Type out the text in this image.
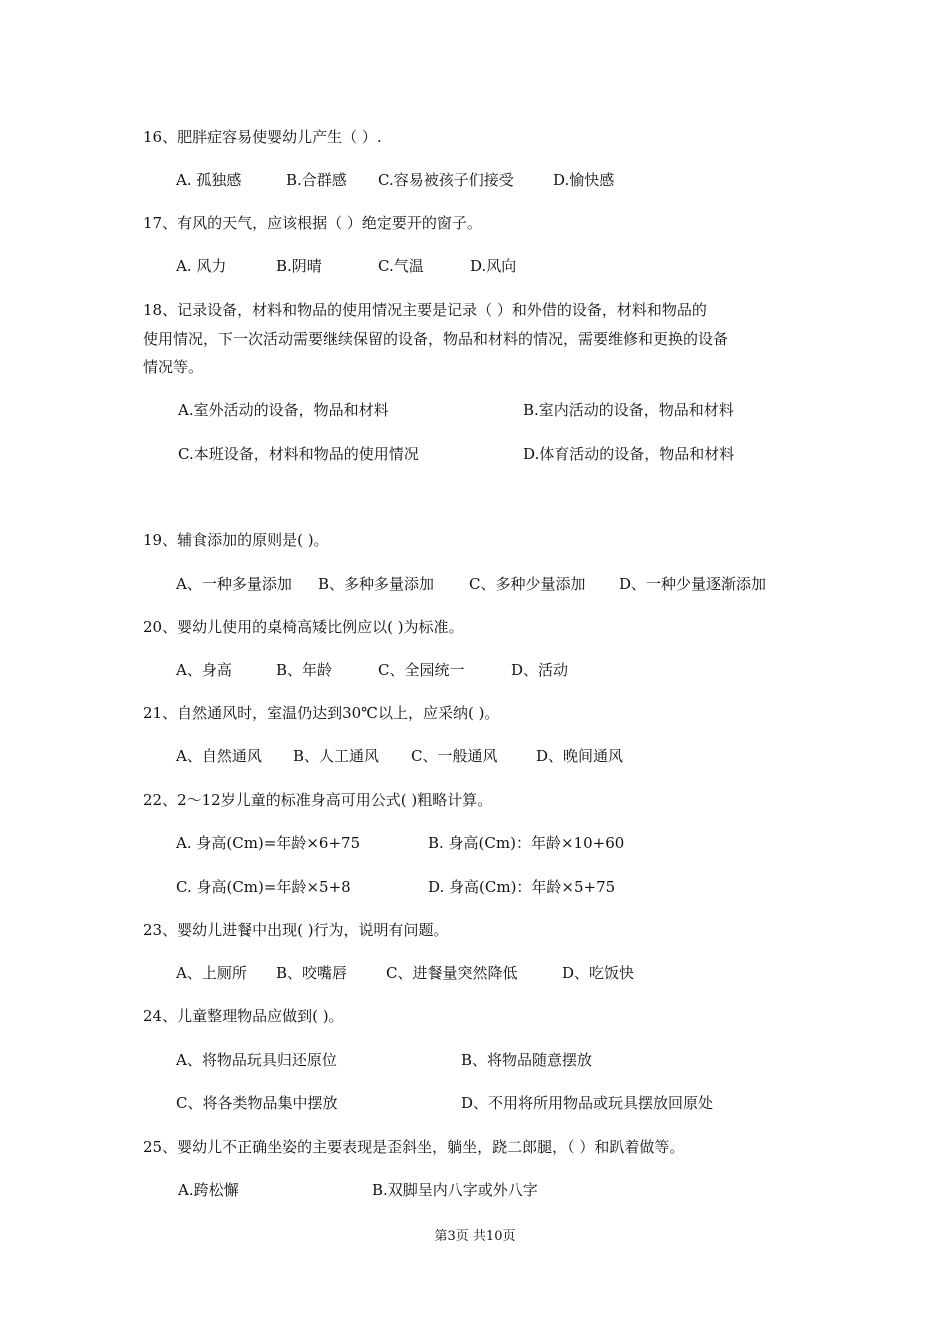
16、肥胖症容易使婴幼儿产生（ ）.
A. 孤独感	B.合群感 C.容易被孩子们接受	D.愉快感
17、有风的天气，应该根据（ ）绝定要开的窗子。
A. 风力	B.阴晴	C.气温	D.风向
18、记录设备，材料和物品的使用情况主要是记录（ ）和外借的设备，材料和物品的
使用情况，下一次活动需要继续保留的设备，物品和材料的情况，需要维修和更换的设备
情况等。
A.室外活动的设备，物品和材料	B.室内活动的设备，物品和材料
C.本班设备，材料和物品的使用情况	D.体育活动的设备，物品和材料
19、辅食添加的原则是( )。
A、一种多量添加 B、多种多量添加 C、多种少量添加 D、一种少量逐渐添加
20、婴幼儿使用的桌椅高矮比例应以( )为标准。
A、身高	B、年龄	C、全园统一	D、活动
21、自然通风时，室温仍达到30℃以上，应采纳( )。
A、自然通风 B、人工通风 C、一般通风	D、晚间通风
22、2～12岁儿童的标准身高可用公式( )粗略计算。
A. 身高(Cm)=年龄×6+75	B. 身高(Cm)：年龄×10+60
C. 身高(Cm)=年龄×5+8	D. 身高(Cm)：年龄×5+75
23、婴幼儿进餐中出现( )行为，说明有问题。
A、上厕所 B、咬嘴唇	C、进餐量突然降低	D、吃饭快
24、儿童整理物品应做到( )。
A、将物品玩具归还原位	B、将物品随意摆放
C、将各类物品集中摆放	D、不用将所用物品或玩具摆放回原处
25、婴幼儿不正确坐姿的主要表现是歪斜坐，躺坐，跷二郎腿，（ ）和趴着做等。
A.跨松懈	B.双脚呈内八字或外八字
第3页 共10页
